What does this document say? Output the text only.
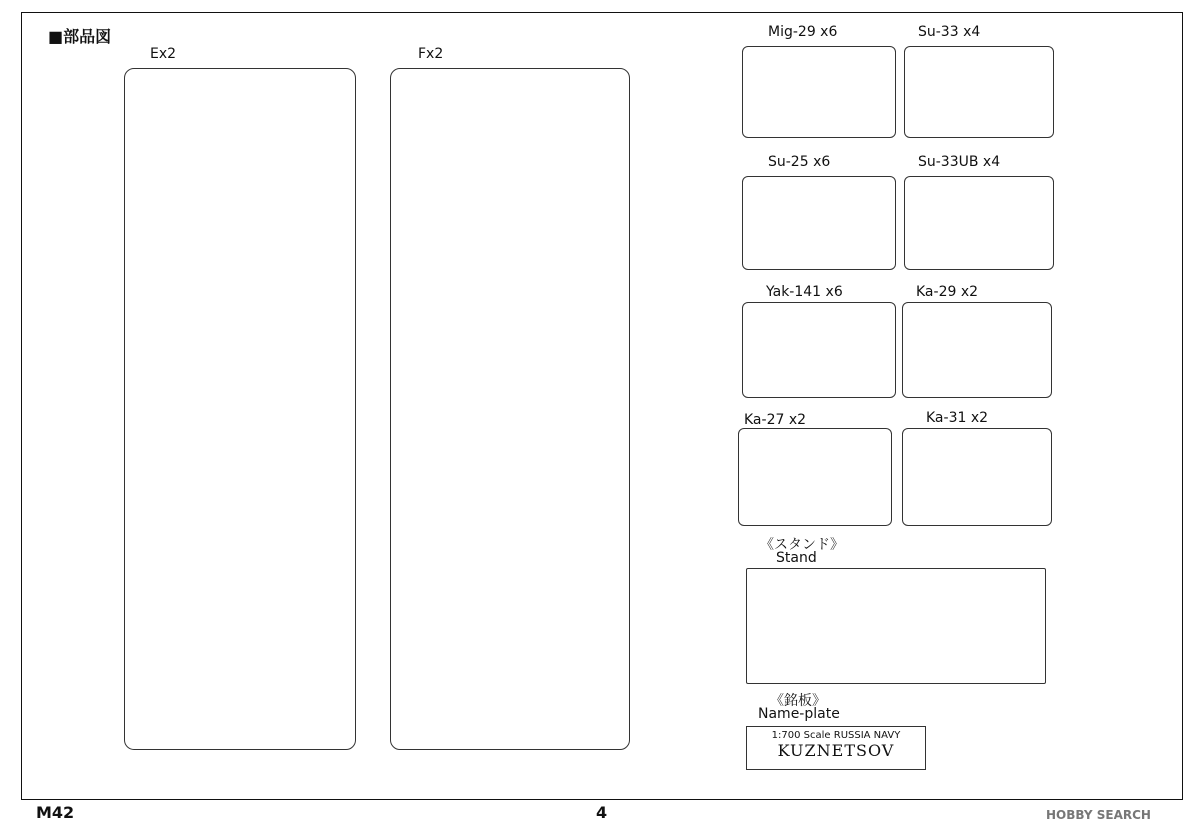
■部品図
Ex2	Fx2
Mig-29 x6	Su-33 x4
Su-25 x6	Su-33UB x4
Yak-141 x6	Ka-29 x2
Ka-27 x2	Ka-31 x2
《スタンド》
Stand
《銘板》
Name-plate
1:700 Scale RUSSIA NAVY
KUZNETSOV
M42	4	HOBBY SEARCH
